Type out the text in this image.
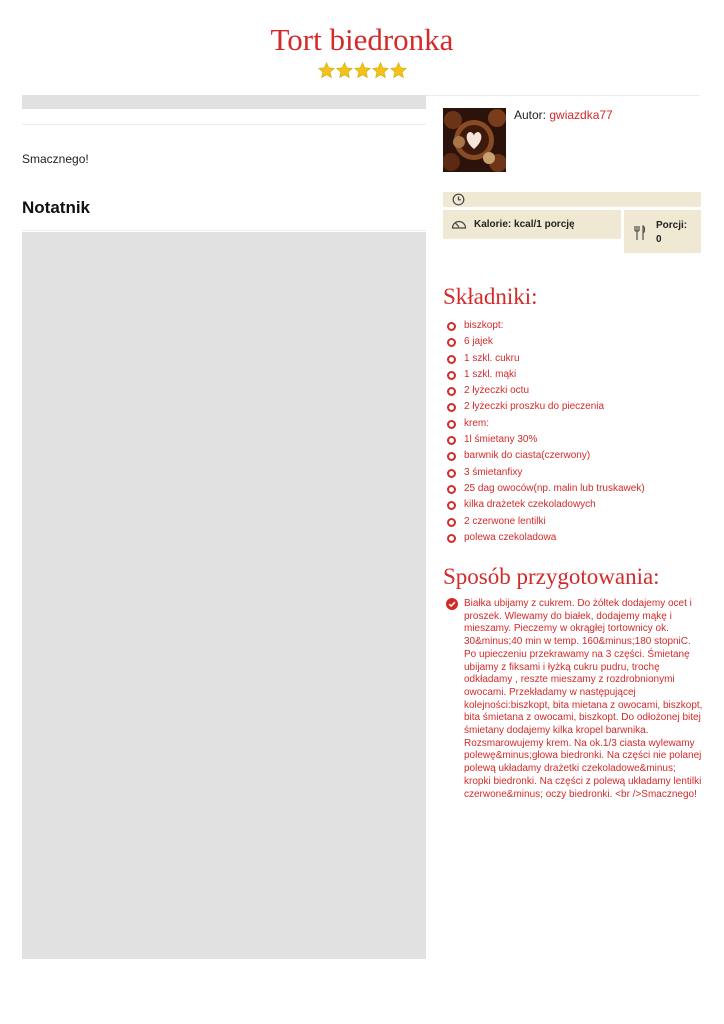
Tort biedronka
Smacznego!
Notatnik
Autor: gwiazdka77
Kalorie: kcal/1 porcję	Porcji:
0
Składniki:
biszkopt:
6 jajek
1 szkl. cukru
1 szkl. mąki
2 łyżeczki octu
2 łyżeczki proszku do pieczenia
krem:
1l śmietany 30%
barwnik do ciasta(czerwony)
3 śmietanfixy
25 dag owoców(np. malin lub truskawek)
kilka drażetek czekoladowych
2 czerwone lentilki
polewa czekoladowa
Sposób przygotowania:
Białka ubijamy z cukrem. Do żółtek dodajemy ocet i proszek. Wlewamy do białek, dodajemy mąkę i mieszamy. Pieczemy w okrągłej tortownicy ok. 30&minus;40 min w temp. 160&minus;180 stopniC. Po upieczeniu przekrawamy na 3 części. Śmietanę ubijamy z fiksami i łyżką cukru pudru, trochę odkładamy , reszte mieszamy z rozdrobnionymi owocami. Przekładamy w następującej kolejności:biszkopt, bita mietana z owocami, biszkopt, bita śmietana z owocami, biszkopt. Do odłożonej bitej śmietany dodajemy kilka kropel barwnika. Rozsmarowujemy krem. Na ok.1/3 ciasta wylewamy polewę&minus;głowa biedronki. Na części nie polanej polewą układamy drażetki czekoladowe&minus; kropki biedronki. Na części z polewą układamy lentilki czerwone&minus; oczy biedronki. <br />Smacznego!
